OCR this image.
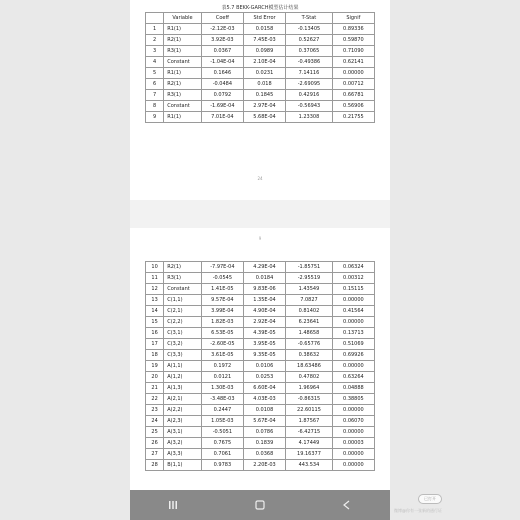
表5.7 BEKK-GARCH模型估计结果
	Variable	Coeff	Std Error	T-Stat	Signif
1	R1(1)	-2.12E-03	0.0158	-0.13405	0.89336
2	R2(1)	3.92E-03	7.45E-03	0.52627	0.59870
3	R3(1)	0.0367	0.0989	0.37065	0.71090
4	Constant	-1.04E-04	2.10E-04	-0.49386	0.62141
5	R1(1)	0.1646	0.0231	7.14116	0.00000
6	R2(1)	-0.0484	0.018	-2.69095	0.00712
7	R3(1)	0.0792	0.1845	0.42916	0.66781
8	Constant	-1.69E-04	2.97E-04	-0.56943	0.56906
9	R1(1)	7.01E-04	5.68E-04	1.23308	0.21755
24
9
10	R2(1)	-7.97E-04	4.29E-04	-1.85751	0.06324
11	R3(1)	-0.0545	0.0184	-2.95519	0.00312
12	Constant	1.41E-05	9.83E-06	1.43549	0.15115
13	C(1,1)	9.57E-04	1.35E-04	7.0827	0.00000
14	C(2,1)	3.99E-04	4.90E-04	0.81402	0.41564
15	C(2,2)	1.82E-03	2.92E-04	6.23641	0.00000
16	C(3,1)	6.53E-05	4.39E-05	1.48658	0.13713
17	C(3,2)	-2.60E-05	3.95E-05	-0.65776	0.51069
18	C(3,3)	3.61E-05	9.35E-05	0.38632	0.69926
19	A(1,1)	0.1972	0.0106	18.63486	0.00000
20	A(1,2)	0.0121	0.0253	0.47802	0.63264
21	A(1,3)	1.30E-03	6.60E-04	1.96964	0.04888
22	A(2,1)	-3.48E-03	4.03E-03	-0.86315	0.38805
23	A(2,2)	0.2447	0.0108	22.60115	0.00000
24	A(2,3)	1.05E-03	5.67E-04	1.87567	0.06070
25	A(3,1)	-0.5051	0.0786	-6.42715	0.00000
26	A(3,2)	0.7675	0.1839	4.17449	0.00003
27	A(3,3)	0.7061	0.0368	19.16377	0.00000
28	B(1,1)	0.9783	2.20E-03	443.534	0.00000
已打开
微博@你有一张新的通行证
